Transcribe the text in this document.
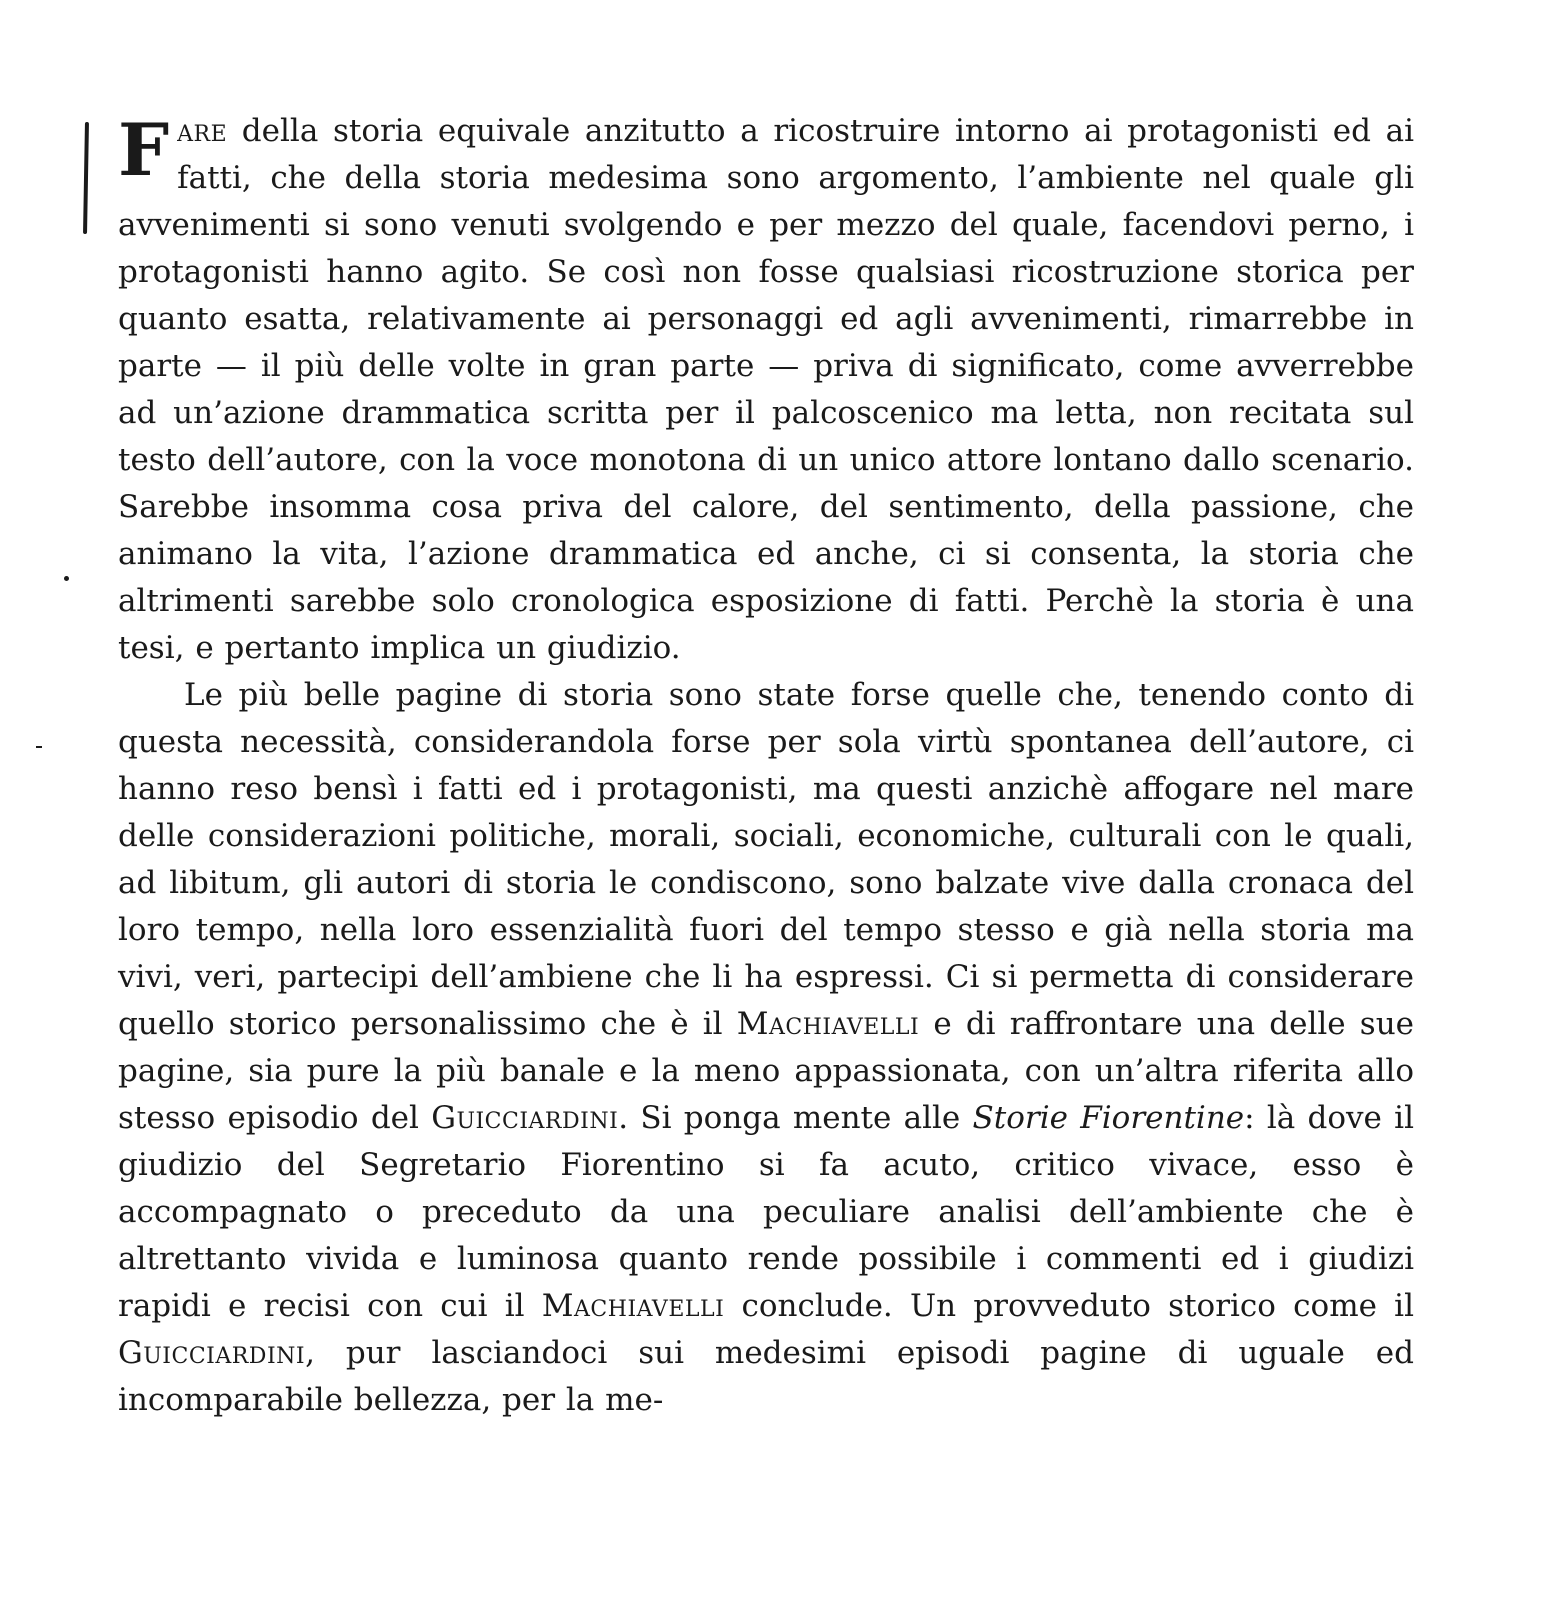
Fare della storia equivale anzitutto a ricostruire intorno ai protagonisti ed ai fatti, che della storia medesima sono argomento, l’ambiente nel quale gli avvenimenti si sono venuti svolgendo e per mezzo del quale, facendovi perno, i protagonisti hanno agito. Se così non fosse qualsiasi ricostruzione storica per quanto esatta, relativamente ai personaggi ed agli avvenimenti, rimarrebbe in parte — il più delle volte in gran parte — priva di significato, come avverrebbe ad un’azione drammatica scritta per il palcoscenico ma letta, non recitata sul testo dell’autore, con la voce monotona di un unico attore lontano dallo scenario. Sarebbe insomma cosa priva del calore, del sentimento, della passione, che animano la vita, l’azione drammatica ed anche, ci si consenta, la storia che altrimenti sarebbe solo cronologica esposizione di fatti. Perchè la storia è una tesi, e pertanto implica un giudizio.

Le più belle pagine di storia sono state forse quelle che, tenendo conto di questa necessità, considerandola forse per sola virtù spontanea dell’autore, ci hanno reso bensì i fatti ed i protagonisti, ma questi anzichè affogare nel mare delle considerazioni politiche, morali, sociali, economiche, culturali con le quali, ad libitum, gli autori di storia le condiscono, sono balzate vive dalla cronaca del loro tempo, nella loro essenzialità fuori del tempo stesso e già nella storia ma vivi, veri, partecipi dell’ambiene che li ha espressi. Ci si permetta di considerare quello storico personalissimo che è il Machiavelli e di raffrontare una delle sue pagine, sia pure la più banale e la meno appassionata, con un’altra riferita allo stesso episodio del Guicciardini. Si ponga mente alle Storie Fiorentine: là dove il giudizio del Segretario Fiorentino si fa acuto, critico vivace, esso è accompagnato o preceduto da una peculiare analisi dell’ambiente che è altrettanto vivida e luminosa quanto rende possibile i commenti ed i giudizi rapidi e recisi con cui il Machiavelli conclude. Un provveduto storico come il Guicciardini, pur lasciandoci sui medesimi episodi pagine di uguale ed incomparabile bellezza, per la me-
